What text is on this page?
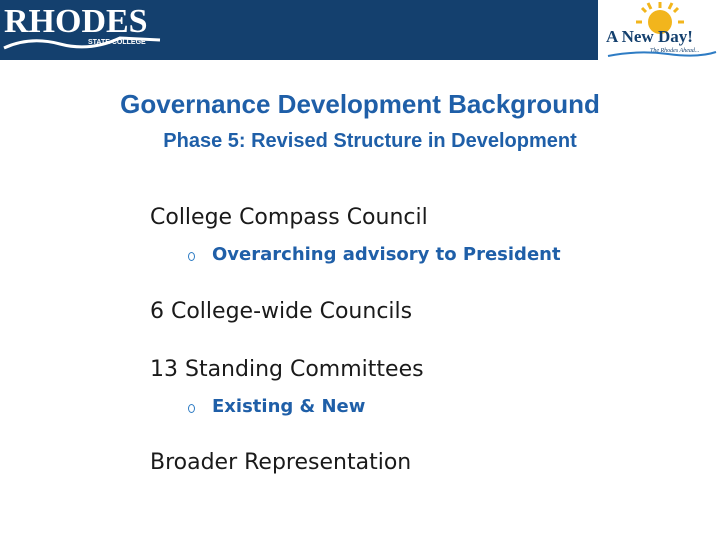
RHODES
STATE COLLEGE	A New Day!
The Rhodes Ahead...
Governance Development Background
Phase 5: Revised Structure in Development
College Compass Council
Overarching advisory to President
6 College-wide Councils
13 Standing Committees
Existing & New
Broader Representation
